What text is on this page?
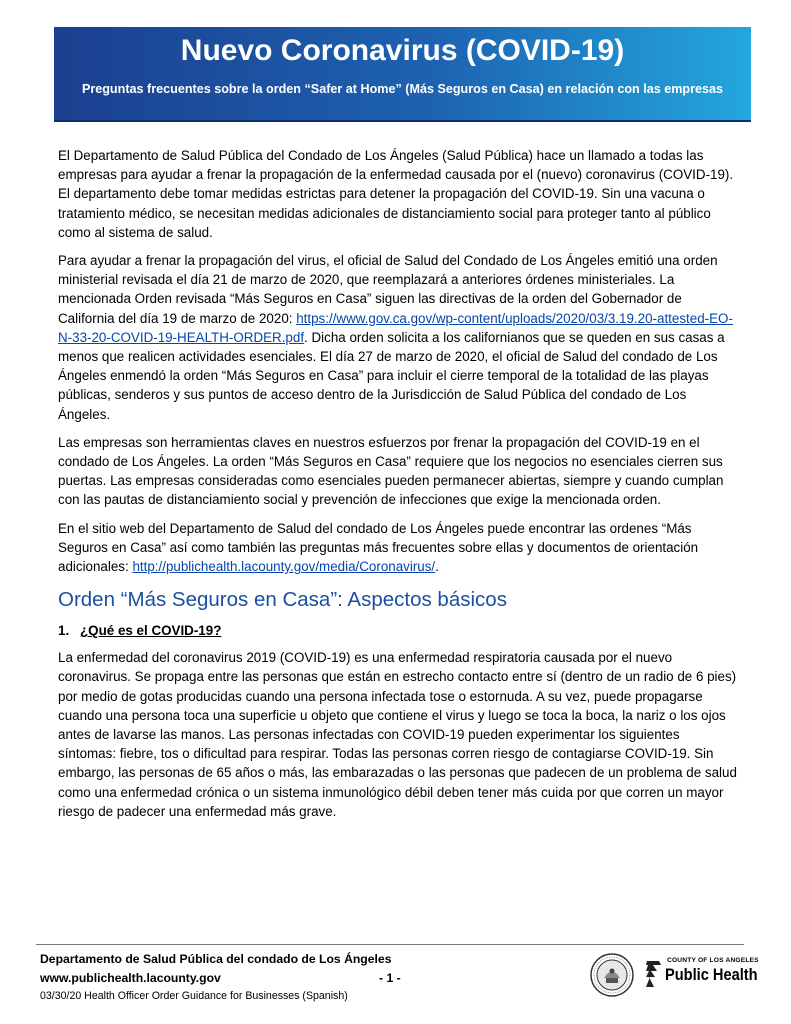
Nuevo Coronavirus (COVID-19)
Preguntas frecuentes sobre la orden “Safer at Home” (Más Seguros en Casa) en relación con las empresas

El Departamento de Salud Pública del Condado de Los Ángeles (Salud Pública) hace un llamado a todas las empresas para ayudar a frenar la propagación de la enfermedad causada por el (nuevo) coronavirus (COVID-19). El departamento debe tomar medidas estrictas para detener la propagación del COVID-19. Sin una vacuna o tratamiento médico, se necesitan medidas adicionales de distanciamiento social para proteger tanto al público como al sistema de salud.

Para ayudar a frenar la propagación del virus, el oficial de Salud del Condado de Los Ángeles emitió una orden ministerial revisada el día 21 de marzo de 2020, que reemplazará a anteriores órdenes ministeriales. La mencionada Orden revisada “Más Seguros en Casa” siguen las directivas de la orden del Gobernador de California del día 19 de marzo de 2020: https://www.gov.ca.gov/wp-content/uploads/2020/03/3.19.20-attested-EO-N-33-20-COVID-19-HEALTH-ORDER.pdf. Dicha orden solicita a los californianos que se queden en sus casas a menos que realicen actividades esenciales. El día 27 de marzo de 2020, el oficial de Salud del condado de Los Ángeles enmendó la orden “Más Seguros en Casa” para incluir el cierre temporal de la totalidad de las playas públicas, senderos y sus puntos de acceso dentro de la Jurisdicción de Salud Pública del condado de Los Ángeles.

Las empresas son herramientas claves en nuestros esfuerzos por frenar la propagación del COVID-19 en el condado de Los Ángeles. La orden “Más Seguros en Casa” requiere que los negocios no esenciales cierren sus puertas. Las empresas consideradas como esenciales pueden permanecer abiertas, siempre y cuando cumplan con las pautas de distanciamiento social y prevención de infecciones que exige la mencionada orden.

En el sitio web del Departamento de Salud del condado de Los Ángeles puede encontrar las ordenes “Más Seguros en Casa” así como también las preguntas más frecuentes sobre ellas y documentos de orientación adicionales: http://publichealth.lacounty.gov/media/Coronavirus/.

Orden “Más Seguros en Casa”: Aspectos básicos
1. ¿Qué es el COVID-19?

La enfermedad del coronavirus 2019 (COVID-19) es una enfermedad respiratoria causada por el nuevo coronavirus. Se propaga entre las personas que están en estrecho contacto entre sí (dentro de un radio de 6 pies) por medio de gotas producidas cuando una persona infectada tose o estornuda. A su vez, puede propagarse cuando una persona toca una superficie u objeto que contiene el virus y luego se toca la boca, la nariz o los ojos antes de lavarse las manos. Las personas infectadas con COVID-19 pueden experimentar los siguientes síntomas: fiebre, tos o dificultad para respirar. Todas las personas corren riesgo de contagiarse COVID-19. Sin embargo, las personas de 65 años o más, las embarazadas o las personas que padecen de un problema de salud como una enfermedad crónica o un sistema inmunológico débil deben tener más cuida por que corren un mayor riesgo de padecer una enfermedad más grave.

Departamento de Salud Pública del condado de Los Ángeles
www.publichealth.lacounty.gov	- 1 -
03/30/20 Health Officer Order Guidance for Businesses (Spanish)
COUNTY OF LOS ANGELES
Public Health
